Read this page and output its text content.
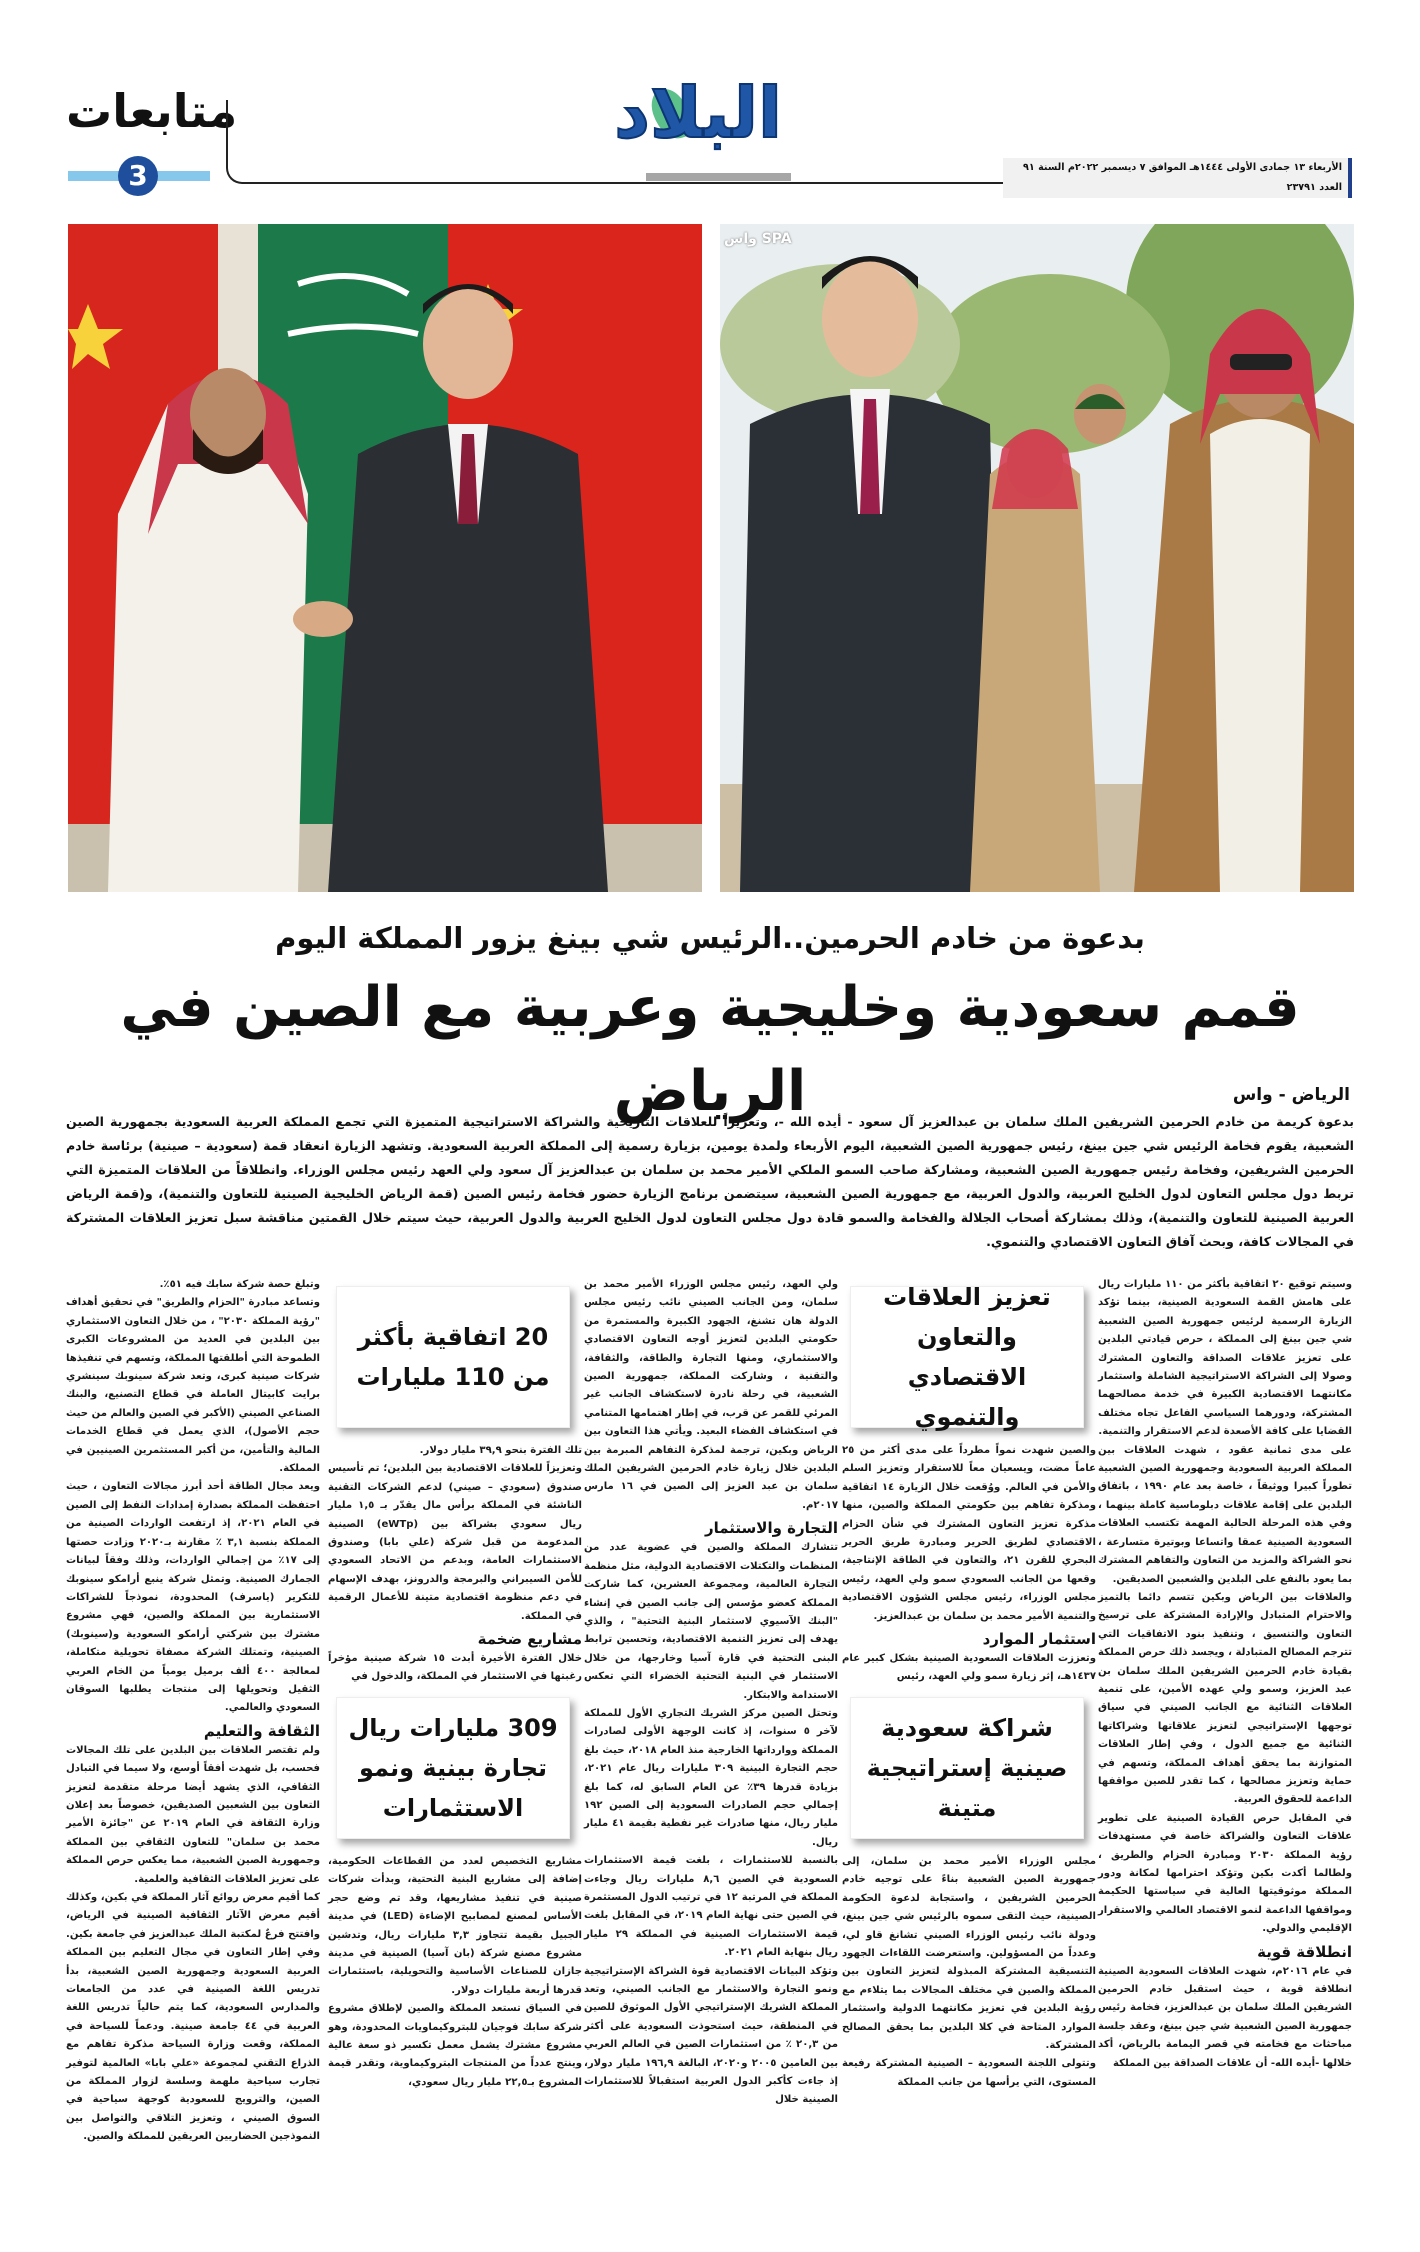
متابعات
3
البلاد
الأربعاء ١٣ جمادى الأولى ١٤٤٤هـ الموافق ٧ ديسمبر ٢٠٢٢م السنة ٩١ العدد ٢٣٧٩١
واس SPA
بدعوة من خادم الحرمين..الرئيس شي بينغ يزور المملكة اليوم
قمم سعودية وخليجية وعربية مع الصين في الرياض	الرياض - واس
بدعوة كريمة من خادم الحرمين الشريفين الملك سلمان بن عبدالعزيز آل سعود - أيده الله -، وتعزيزاً للعلاقات التاريخية والشراكة الاستراتيجية المتميزة التي تجمع المملكة العربية السعودية بجمهورية الصين الشعبية، يقوم فخامة الرئيس شي جين بينغ، رئيس جمهورية الصين الشعبية، اليوم الأربعاء ولمدة يومين، بزيارة رسمية إلى المملكة العربية السعودية. وتشهد الزيارة انعقاد قمة (سعودية – صينية) برئاسة خادم الحرمين الشريفين، وفخامة رئيس جمهورية الصين الشعبية، ومشاركة صاحب السمو الملكي الأمير محمد بن سلمان بن عبدالعزيز آل سعود ولي العهد رئيس مجلس الوزراء. وانطلاقاً من العلاقات المتميزة التي تربط دول مجلس التعاون لدول الخليج العربية، والدول العربية، مع جمهورية الصين الشعبية، سيتضمن برنامج الزيارة حضور فخامة رئيس الصين (قمة الرياض الخليجية الصينية للتعاون والتنمية)، و(قمة الرياض العربية الصينية للتعاون والتنمية)، وذلك بمشاركة أصحاب الجلالة والفخامة والسمو قادة دول مجلس التعاون لدول الخليج العربية والدول العربية، حيث سيتم خلال القمتين مناقشة سبل تعزيز العلاقات المشتركة في المجالات كافة، وبحث آفاق التعاون الاقتصادي والتنموي.

وسيتم توقيع ٢٠ اتفاقية بأكثر من ١١٠ مليارات ريال على هامش القمة السعودية الصينية، بينما تؤكد الزيارة الرسمية لرئيس جمهورية الصين الشعبية شي جين بينغ إلى المملكة ، حرص قيادتي البلدين على تعزيز علاقات الصداقة والتعاون المشترك وصولا إلى الشراكة الاستراتيجية الشاملة واستثمار مكانتهما الاقتصادية الكبيرة في خدمة مصالحهما المشتركة، ودورهما السياسي الفاعل تجاه مختلف القضايا على كافة الأصعدة لدعم الاستقرار والتنمية.

على مدى ثمانية عقود ، شهدت العلاقات بين المملكة العربية السعودية وجمهورية الصين الشعبية تطوراً كبيرا ووثيقاً ، خاصة بعد عام ١٩٩٠ ، باتفاق البلدين على إقامة علاقات دبلوماسية كاملة بينهما ، وفي هذه المرحلة الحالية المهمة تكتسب العلاقات السعودية الصينية عمقا واتساعا وبوتيرة متسارعة ، نحو الشراكة والمزيد من التعاون والتفاهم المشترك بما يعود بالنفع على البلدين والشعبين الصديقين.

والعلاقات بين الرياض وبكين تتسم دائما بالتميز والاحترام المتبادل والإرادة المشتركة على ترسيخ التعاون والتنسيق ، وتنفيذ بنود الاتفاقيات التي تترجم المصالح المتبادلة ، ويجسد ذلك حرص المملكة بقيادة خادم الحرمين الشريفين الملك سلمان بن عبد العزيز، وسمو ولي عهده الأمين، على تنمية العلاقات الثنائية مع الجانب الصيني في سياق توجهها الإستراتيجي لتعزيز علاقاتها وشراكاتها الثنائية مع جميع الدول ، وفي إطار العلاقات المتوازنة بما يحقق أهداف المملكة، وتسهم في حماية وتعزيز مصالحها ، كما تقدر للصين مواقفها الداعمة للحقوق العربية.

في المقابل حرص القيادة الصينية على تطوير علاقات التعاون والشراكة خاصة في مستهدفات رؤية المملكة ٢٠٣٠ ومبادرة الحزام والطريق ، ولطالما أكدت بكين وتؤكد احترامها لمكانة ودور المملكة موثوقيتها العالية في سياستها الحكيمة ومواقفها الداعمة لنمو الاقتصاد العالمي والاستقرار الإقليمي والدولي.

انطلاقة قوية

في عام ٢٠١٦م، شهدت العلاقات السعودية الصينية انطلاقة قوية ، حيث استقبل خادم الحرمين الشريفين الملك سلمان بن عبدالعزيز، فخامة رئيس جمهورية الصين الشعبية شي جين بينغ، وعقد جلسة مباحثات مع فخامته في قصر اليمامة بالرياض، أكد خلالها -أيده الله- أن علاقات الصداقة بين المملكة

تعزيز العلاقات والتعاون الاقتصادي والتنموي

والصين شهدت نمواً مطرداً على مدى أكثر من ٢٥ عاماً مضت، ويسعيان معاً للاستقرار وتعزيز السلم والأمن في العالم. ووُقعت خلال الزيارة ١٤ اتفاقية ومذكرة تفاهم بين حكومتي المملكة والصين، منها مذكرة تعزيز التعاون المشترك في شأن الحزام الاقتصادي لطريق الحرير ومبادرة طريق الحرير البحري للقرن ٢١، والتعاون في الطاقة الإنتاجية، وقعها من الجانب السعودي سمو ولي العهد، رئيس مجلس الوزراء، رئيس مجلس الشؤون الاقتصادية والتنمية الأمير محمد بن سلمان بن عبدالعزيز.

استثمار الموارد

وتعززت العلاقات السعودية الصينية بشكل كبير عام ١٤٣٧هـ، إثر زيارة سمو ولي العهد، رئيس

شراكة سعودية صينية إستراتيجية متينة

مجلس الوزراء الأمير محمد بن سلمان، إلى جمهورية الصين الشعبية بناءً على توجيه خادم الحرمين الشريفين ، واستجابة لدعوة الحكومة الصينية، حيث التقى سموه بالرئيس شي جين بينغ، ودولة نائب رئيس الوزراء الصيني تشانغ قاو لي، وعدداً من المسؤولين. واستعرضت اللقاءات الجهود التنسيقية المشتركة المبذولة لتعزيز التعاون بين المملكة والصين في مختلف المجالات بما يتلاءم مع رؤية البلدين في تعزيز مكانتهما الدولية واستثمار الموارد المتاحة في كلا البلدين بما يحقق المصالح المشتركة.

وتتولى اللجنة السعودية – الصينية المشتركة رفيعة المستوى، التي يرأسها من جانب المملكة

ولي العهد، رئيس مجلس الوزراء الأمير محمد بن سلمان، ومن الجانب الصيني نائب رئيس مجلس الدولة هان تشنغ، الجهود الكبيرة والمستمرة من حكومتي البلدين لتعزيز أوجه التعاون الاقتصادي والاستثماري، ومنها التجارة والطاقة، والثقافة، والتقنية ، وشاركت المملكة، جمهورية الصين الشعبية، في رحلة نادرة لاستكشاف الجانب غير المرئي للقمر عن قرب، في إطار اهتمامها المتنامي في استكشاف الفضاء البعيد. ويأتي هذا التعاون بين الرياض وبكين، ترجمة لمذكرة التفاهم المبرمة بين البلدين خلال زيارة خادم الحرمين الشريفين الملك سلمان بن عبد العزيز إلى الصين في ١٦ مارس ٢٠١٧م.

التجارة والاستثمار

تتشارك المملكة والصين في عضوية عدد من المنظمات والتكتلات الاقتصادية الدولية، مثل منظمة التجارة العالمية، ومجموعة العشرين، كما شاركت المملكة كعضو مؤسس إلى جانب الصين في إنشاء "البنك الآسيوي لاستثمار البنية التحتية" ، والذي يهدف إلى تعزيز التنمية الاقتصادية، وتحسين ترابط البنى التحتية في قارة آسيا وخارجها، من خلال الاستثمار في البنية التحتية الخضراء التي تعكس الاستدامة والابتكار.

وتحتل الصين مركز الشريك التجاري الأول للمملكة لآخر ٥ سنوات، إذ كانت الوجهة الأولى لصادرات المملكة ووارداتها الخارجية منذ العام ٢٠١٨، حيث بلغ حجم التجارة البينية ٣٠٩ مليارات ريال عام ٢٠٢١، بزيادة قدرها ٣٩٪ عن العام السابق له، كما بلغ إجمالي حجم الصادرات السعودية إلى الصين ١٩٢ مليار ريال، منها صادرات غير نفطية بقيمة ٤١ مليار ريال.

بالنسبة للاستثمارات ، بلغت قيمة الاستثمارات السعودية في الصين ٨,٦ مليارات ريال وجاءت المملكة في المرتبة ١٢ في ترتيب الدول المستثمرة في الصين حتى نهاية العام ٢٠١٩، في المقابل بلغت قيمة الاستثمارات الصينية في المملكة ٢٩ مليار ريال بنهاية العام ٢٠٢١.

وتؤكد البيانات الاقتصادية قوة الشراكة الإستراتيجية ونمو التجارة والاستثمار مع الجانب الصيني، وتعد المملكة الشريك الإستراتيجي الأول الموثوق للصين في المنطقة، حيث استحوذت السعودية على أكثر من ٢٠,٣ ٪ من استثمارات الصين في العالم العربي بين العامين ٢٠٠٥ و٢٠٢٠، البالغة ١٩٦,٩ مليار دولار، إذ جاءت كأكبر الدول العربية استقبالاً للاستثمارات الصينية خلال

20 اتفاقية بأكثر من 110 مليارات

تلك الفترة بنحو ٣٩,٩ مليار دولار.

وتعزيزاً للعلاقات الاقتصادية بين البلدين؛ تم تأسيس صندوق (سعودي – صيني) لدعم الشركات التقنية الناشئة في المملكة برأس مال يقدّر بـ ١,٥ مليار ريال سعودي بشراكة بين (eWTp) الصينية المدعومة من قبل شركة (علي بابا) وصندوق الاستثمارات العامة، وبدعم من الاتحاد السعودي للأمن السيبراني والبرمجة والدرونز، بهدف الإسهام في دعم منظومة اقتصادية متينة للأعمال الرقمية في المملكة.

مشاريع ضخمة

خلال الفترة الأخيرة أبدت ١٥ شركة صينية مؤخراً رغبتها في الاستثمار في المملكة، والدخول في

309 مليارات ريال تجارة بينية ونمو الاستثمارات

مشاريع التخصيص لعدد من القطاعات الحكومية، إضافة إلى مشاريع البنية التحتية، وبدأت شركات صينية في تنفيذ مشاريعها، وقد تم وضع حجر الأساس لمصنع لمصابيح الإضاءة (LED) في مدينة الجبيل بقيمة تتجاوز ٣,٣ مليارات ريال، وتدشين مشروع مصنع شركة (بان آسيا) الصينية في مدينة جازان للصناعات الأساسية والتحويلية، باستثمارات قدرها أربعة مليارات دولار.

في السياق تستعد المملكة والصين لإطلاق مشروع شركة سابك فوجيان للبتروكيماويات المحدودة، وهو مشروع مشترك يشمل معمل تكسير ذو سعة عالية وينتج عدداً من المنتجات البتروكيماوية، وتقدر قيمة المشروع بـ٢٢,٥ مليار ريال سعودي،

وتبلغ حصة شركة سابك فيه ٥١٪.

وتساعد مبادرة "الحزام والطريق" في تحقيق أهداف "رؤية المملكة ٢٠٣٠" ، من خلال التعاون الاستثماري بين البلدين في العديد من المشروعات الكبرى الطموحة التي أطلقتها المملكة، وتسهم في تنفيذها شركات صينية كبرى، وتعد شركة سينوبك سينشري برايت كابيتال العاملة في قطاع التصنيع، والبنك الصناعي الصيني (الأكبر في الصين والعالم من حيث حجم الأصول)، الذي يعمل في قطاع الخدمات المالية والتأمين، من أكبر المستثمرين الصينيين في المملكة.

ويعد مجال الطاقة أحد أبرز مجالات التعاون ، حيث احتفظت المملكة بصدارة إمدادات النفط إلى الصين في العام ٢٠٢١، إذ ارتفعت الواردات الصينية من المملكة بنسبة ٣,١ ٪ مقارنة بـ٢٠٢٠ وزادت حصتها إلى ١٧٪ من إجمالي الواردات، وذلك وفقاً لبيانات الجمارك الصينية. وتمثل شركة ينبع أرامكو سينوبك للتكرير (ياسرف) المحدودة، نموذجاً للشراكات الاستثمارية بين المملكة والصين، فهي مشروع مشترك بين شركتي أرامكو السعودية و(سينوبك) الصينية، وتمتلك الشركة مصفاة تحويلية متكاملة، لمعالجة ٤٠٠ ألف برميل يومياً من الخام العربي الثقيل وتحويلها إلى منتجات يطلبها السوقان السعودي والعالمي.

الثقافة والتعليم

ولم تقتصر العلاقات بين البلدين على تلك المجالات فحسب، بل شهدت أفقاً أوسع، ولا سيما في التبادل الثقافي، الذي يشهد أيضا مرحلة متقدمة لتعزيز التعاون بين الشعبين الصديقين، خصوصاً بعد إعلان وزارة الثقافة في العام ٢٠١٩ عن "جائزة الأمير محمد بن سلمان" للتعاون الثقافي بين المملكة وجمهورية الصين الشعبية، مما يعكس حرص المملكة على تعزيز العلاقات الثقافية والعلمية.

كما أقيم معرض روائع آثار المملكة في بكين، وكذلك أقيم معرض الآثار الثقافية الصينية في الرياض، وافتتح فرعٌ لمكتبة الملك عبدالعزيز في جامعة بكين. وفي إطار التعاون في مجال التعليم بين المملكة العربية السعودية وجمهورية الصين الشعبية، بدأ تدريس اللغة الصينية في عدد من الجامعات والمدارس السعودية، كما يتم حالياً تدريس اللغة العربية في ٤٤ جامعة صينية. ودعماً للسياحة في المملكة، وقعت وزارة السياحة مذكرة تفاهم مع الذراع التقني لمجموعة «علي بابا» العالمية لتوفير تجارب سياحية ملهمة وسلسة لزوار المملكة من الصين، والترويج للسعودية كوجهة سياحية في السوق الصيني ، وتعزيز التلاقي والتواصل بين النموذجين الحضاريين العريقين للمملكة والصين.
